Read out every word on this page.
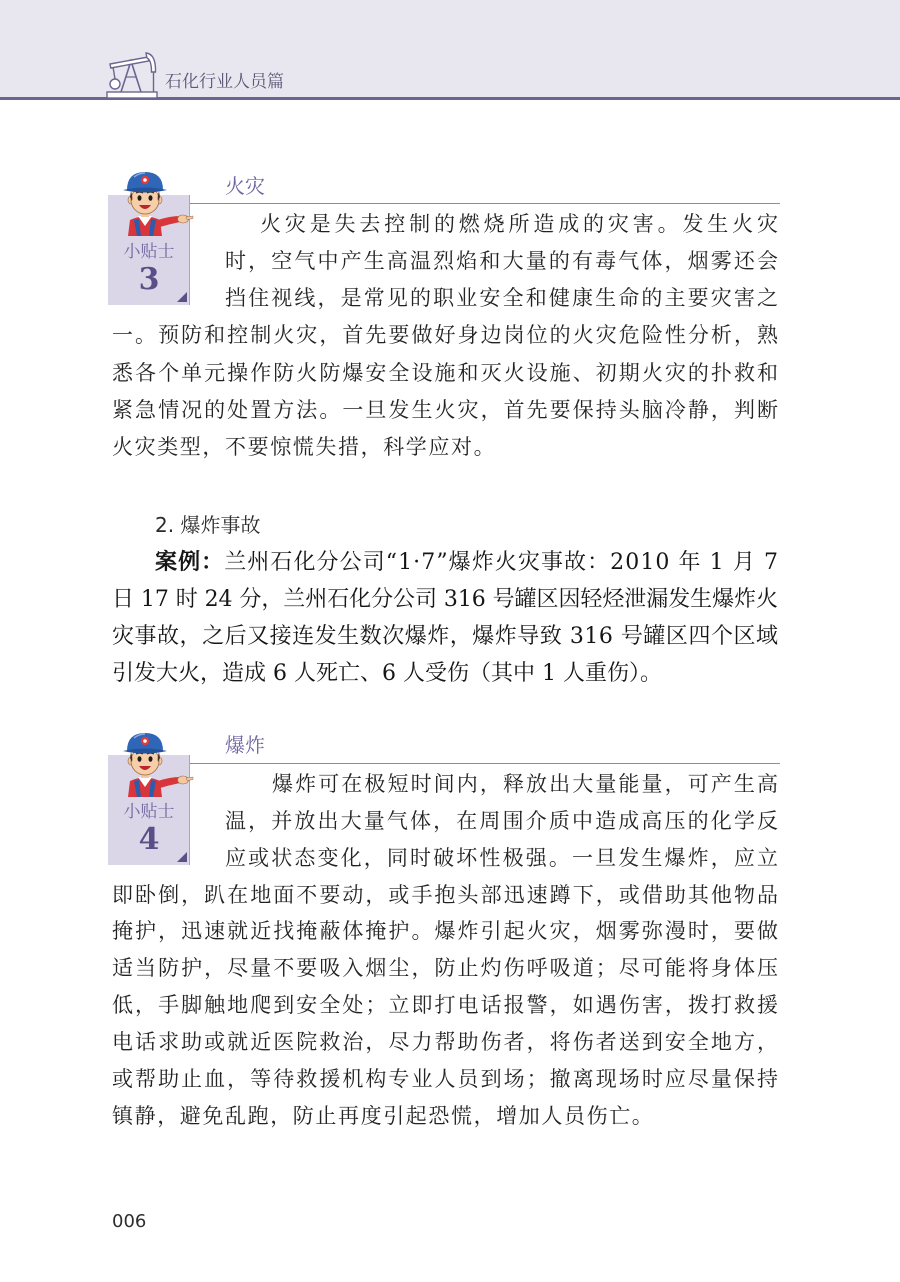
石化行业人员篇
小贴士
3
火灾
火灾是失去控制的燃烧所造成的灾害。发生火灾
时，空气中产生高温烈焰和大量的有毒气体，烟雾还会
挡住视线，是常见的职业安全和健康生命的主要灾害之
一。预防和控制火灾，首先要做好身边岗位的火灾危险性分析，熟
悉各个单元操作防火防爆安全设施和灭火设施、初期火灾的扑救和
紧急情况的处置方法。一旦发生火灾，首先要保持头脑冷静，判断
火灾类型，不要惊慌失措，科学应对。
2. 爆炸事故
案例：兰州石化分公司“1·7”爆炸火灾事故：2010 年 1 月 7
日 17 时 24 分，兰州石化分公司 316 号罐区因轻烃泄漏发生爆炸火
灾事故，之后又接连发生数次爆炸，爆炸导致 316 号罐区四个区域
引发大火，造成 6 人死亡、6 人受伤（其中 1 人重伤）。
小贴士
4
爆炸
爆炸可在极短时间内，释放出大量能量，可产生高
温，并放出大量气体，在周围介质中造成高压的化学反
应或状态变化，同时破坏性极强。一旦发生爆炸，应立
即卧倒，趴在地面不要动，或手抱头部迅速蹲下，或借助其他物品
掩护，迅速就近找掩蔽体掩护。爆炸引起火灾，烟雾弥漫时，要做
适当防护，尽量不要吸入烟尘，防止灼伤呼吸道；尽可能将身体压
低，手脚触地爬到安全处；立即打电话报警，如遇伤害，拨打救援
电话求助或就近医院救治，尽力帮助伤者，将伤者送到安全地方，
或帮助止血，等待救援机构专业人员到场；撤离现场时应尽量保持
镇静，避免乱跑，防止再度引起恐慌，增加人员伤亡。
006
